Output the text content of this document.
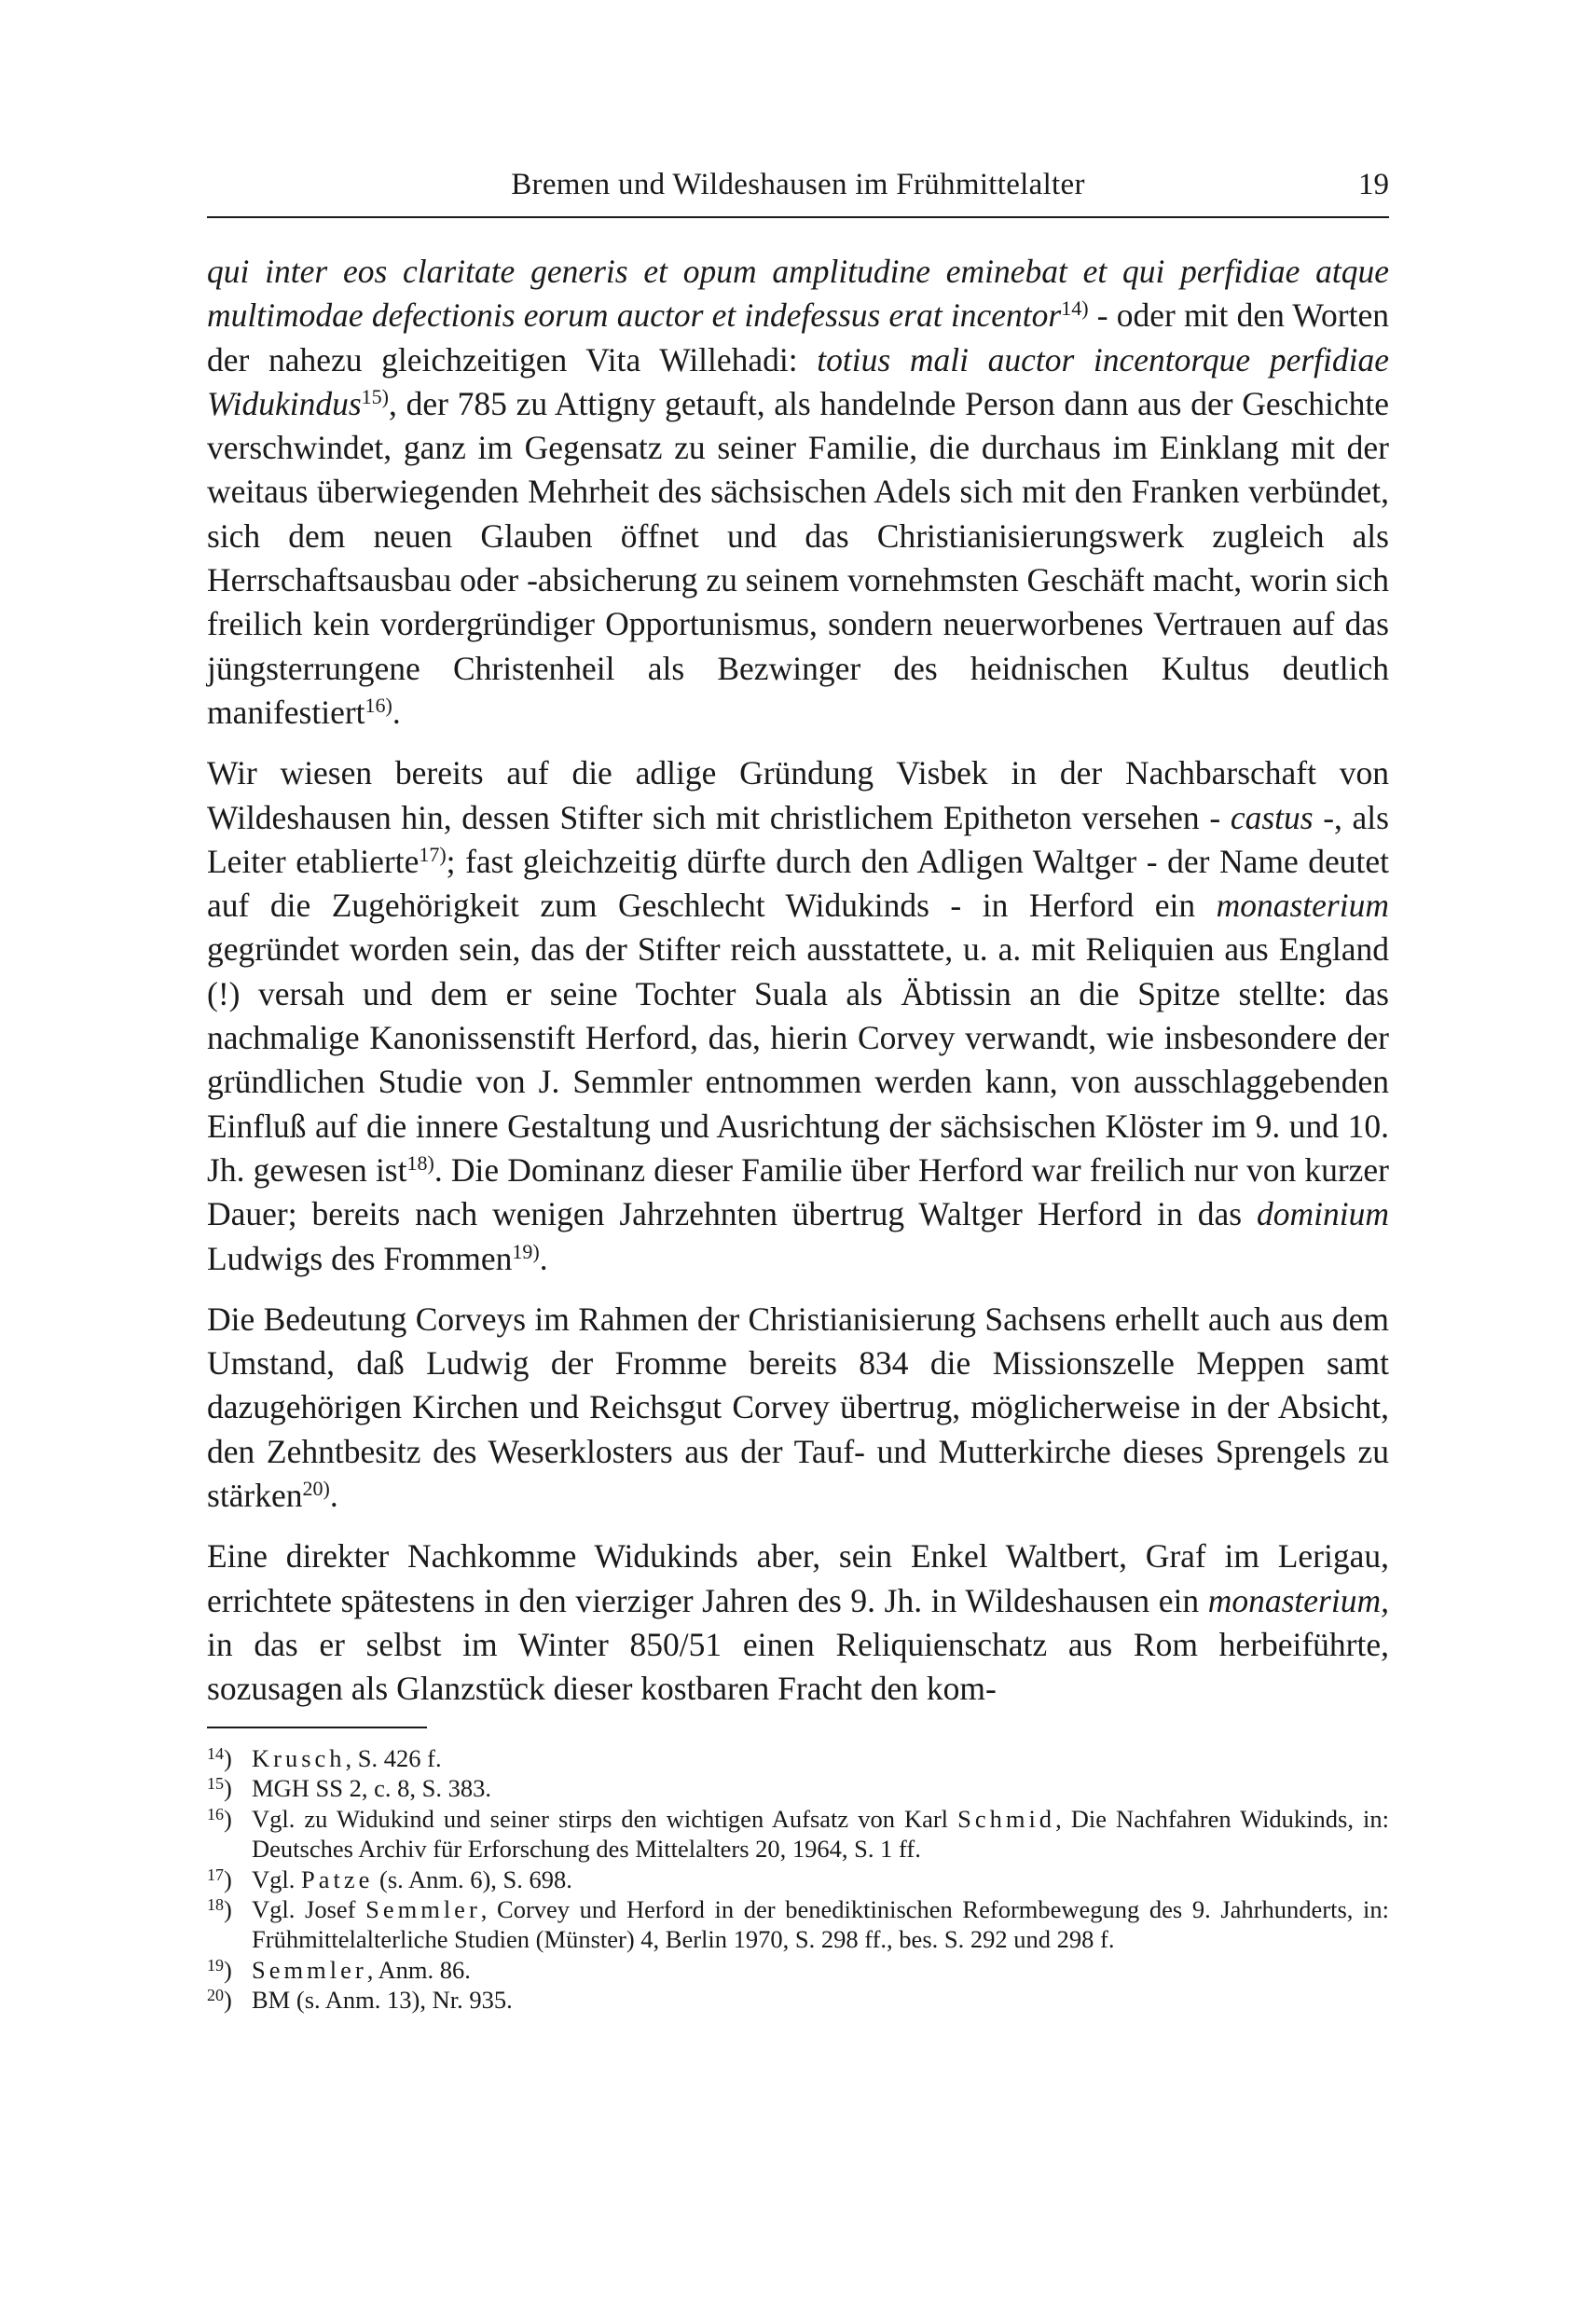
Bremen und Wildeshausen im Frühmittelalter	19

qui inter eos claritate generis et opum amplitudine eminebat et qui perfidiae atque multimodae defectionis eorum auctor et indefessus erat incentor$^{14)}$ - oder mit den Worten der nahezu gleichzeitigen Vita Willehadi: totius mali auctor incentorque perfidiae Widukindus$^{15)}$, der 785 zu Attigny getauft, als handelnde Person dann aus der Geschichte verschwindet, ganz im Gegensatz zu seiner Familie, die durchaus im Einklang mit der weitaus überwiegenden Mehrheit des sächsischen Adels sich mit den Franken verbündet, sich dem neuen Glauben öffnet und das Christianisierungswerk zugleich als Herrschaftsausbau oder -absicherung zu seinem vornehmsten Geschäft macht, worin sich freilich kein vordergründiger Opportunismus, sondern neuerworbenes Vertrauen auf das jüngsterrungene Christenheil als Bezwinger des heidnischen Kultus deutlich manifestiert$^{16)}$.

Wir wiesen bereits auf die adlige Gründung Visbek in der Nachbarschaft von Wildeshausen hin, dessen Stifter sich mit christlichem Epitheton versehen - castus -, als Leiter etablierte$^{17)}$; fast gleichzeitig dürfte durch den Adligen Waltger - der Name deutet auf die Zugehörigkeit zum Geschlecht Widukinds - in Herford ein monasterium gegründet worden sein, das der Stifter reich ausstattete, u. a. mit Reliquien aus England (!) versah und dem er seine Tochter Suala als Äbtissin an die Spitze stellte: das nachmalige Kanonissenstift Herford, das, hierin Corvey verwandt, wie insbesondere der gründlichen Studie von J. Semmler entnommen werden kann, von ausschlaggebenden Einfluß auf die innere Gestaltung und Ausrichtung der sächsischen Klöster im 9. und 10. Jh. gewesen ist$^{18)}$. Die Dominanz dieser Familie über Herford war freilich nur von kurzer Dauer; bereits nach wenigen Jahrzehnten übertrug Waltger Herford in das dominium Ludwigs des Frommen$^{19)}$.

Die Bedeutung Corveys im Rahmen der Christianisierung Sachsens erhellt auch aus dem Umstand, daß Ludwig der Fromme bereits 834 die Missionszelle Meppen samt dazugehörigen Kirchen und Reichsgut Corvey übertrug, möglicherweise in der Absicht, den Zehntbesitz des Weserklosters aus der Tauf- und Mutterkirche dieses Sprengels zu stärken$^{20)}$.

Eine direkter Nachkomme Widukinds aber, sein Enkel Waltbert, Graf im Lerigau, errichtete spätestens in den vierziger Jahren des 9. Jh. in Wildeshausen ein monasterium, in das er selbst im Winter 850/51 einen Reliquienschatz aus Rom herbeiführte, sozusagen als Glanzstück dieser kostbaren Fracht den kom-

$^{14}$) Krusch, S. 426 f.
$^{15}$) MGH SS 2, c. 8, S. 383.
$^{16}$) Vgl. zu Widukind und seiner stirps den wichtigen Aufsatz von Karl Schmid, Die Nachfahren Widukinds, in: Deutsches Archiv für Erforschung des Mittelalters 20, 1964, S. 1 ff.
$^{17}$) Vgl. Patze (s. Anm. 6), S. 698.
$^{18}$) Vgl. Josef Semmler, Corvey und Herford in der benediktinischen Reformbewegung des 9. Jahrhunderts, in: Frühmittelalterliche Studien (Münster) 4, Berlin 1970, S. 298 ff., bes. S. 292 und 298 f.
$^{19}$) Semmler, Anm. 86.
$^{20}$) BM (s. Anm. 13), Nr. 935.
